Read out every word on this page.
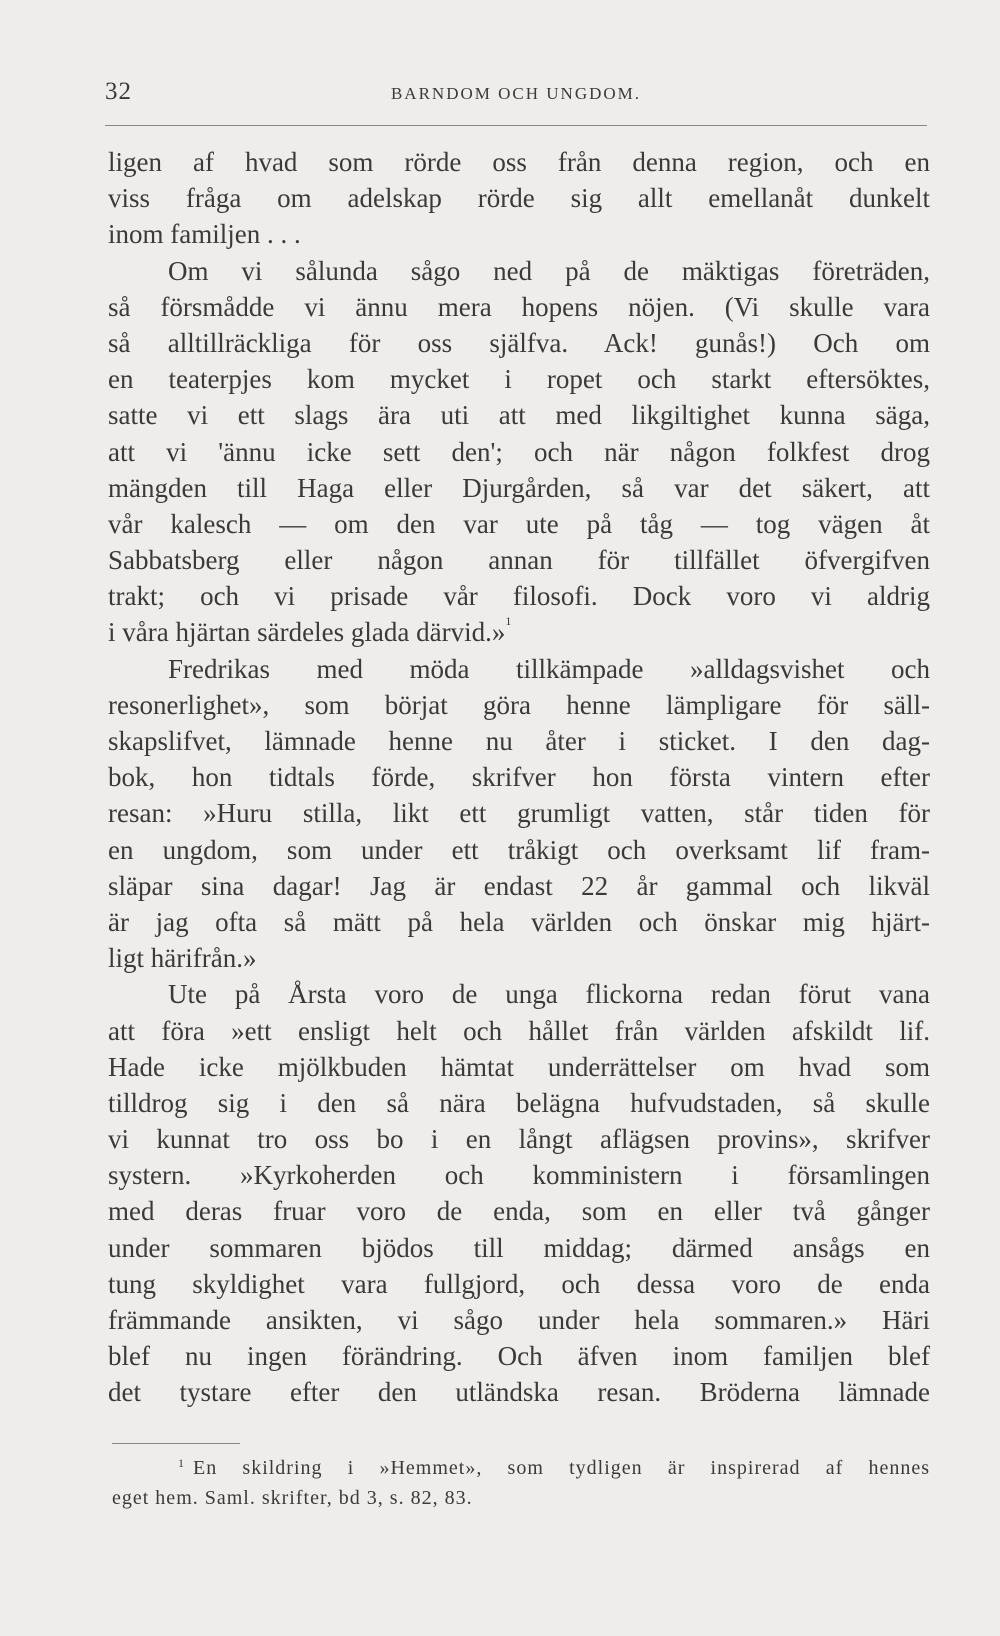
32	BARNDOM OCH UNGDOM.
ligen af hvad som rörde oss från denna region, och en
viss fråga om adelskap rörde sig allt emellanåt dunkelt
inom familjen . . .
Om vi sålunda sågo ned på de mäktigas företräden,
så försmådde vi ännu mera hopens nöjen. (Vi skulle vara
så alltillräckliga för oss själfva. Ack! gunås!) Och om
en teaterpjes kom mycket i ropet och starkt eftersöktes,
satte vi ett slags ära uti att med likgiltighet kunna säga,
att vi 'ännu icke sett den'; och när någon folkfest drog
mängden till Haga eller Djurgården, så var det säkert, att
vår kalesch — om den var ute på tåg — tog vägen åt
Sabbatsberg eller någon annan för tillfället öfvergifven
trakt; och vi prisade vår filosofi. Dock voro vi aldrig
i våra hjärtan särdeles glada därvid.»$^1$
Fredrikas med möda tillkämpade »alldagsvishet och
resonerlighet», som börjat göra henne lämpligare för säll-
skapslifvet, lämnade henne nu åter i sticket. I den dag-
bok, hon tidtals förde, skrifver hon första vintern efter
resan: »Huru stilla, likt ett grumligt vatten, står tiden för
en ungdom, som under ett tråkigt och overksamt lif fram-
släpar sina dagar! Jag är endast 22 år gammal och likväl
är jag ofta så mätt på hela världen och önskar mig hjärt-
ligt härifrån.»
Ute på Årsta voro de unga flickorna redan förut vana
att föra »ett ensligt helt och hållet från världen afskildt lif.
Hade icke mjölkbuden hämtat underrättelser om hvad som
tilldrog sig i den så nära belägna hufvudstaden, så skulle
vi kunnat tro oss bo i en långt aflägsen provins», skrifver
systern. »Kyrkoherden och komministern i församlingen
med deras fruar voro de enda, som en eller två gånger
under sommaren bjödos till middag; därmed ansågs en
tung skyldighet vara fullgjord, och dessa voro de enda
främmande ansikten, vi sågo under hela sommaren.» Häri
blef nu ingen förändring. Och äfven inom familjen blef
det tystare efter den utländska resan. Bröderna lämnade
$^1$ En skildring i »Hemmet», som tydligen är inspirerad af hennes
eget hem. Saml. skrifter, bd 3, s. 82, 83.
